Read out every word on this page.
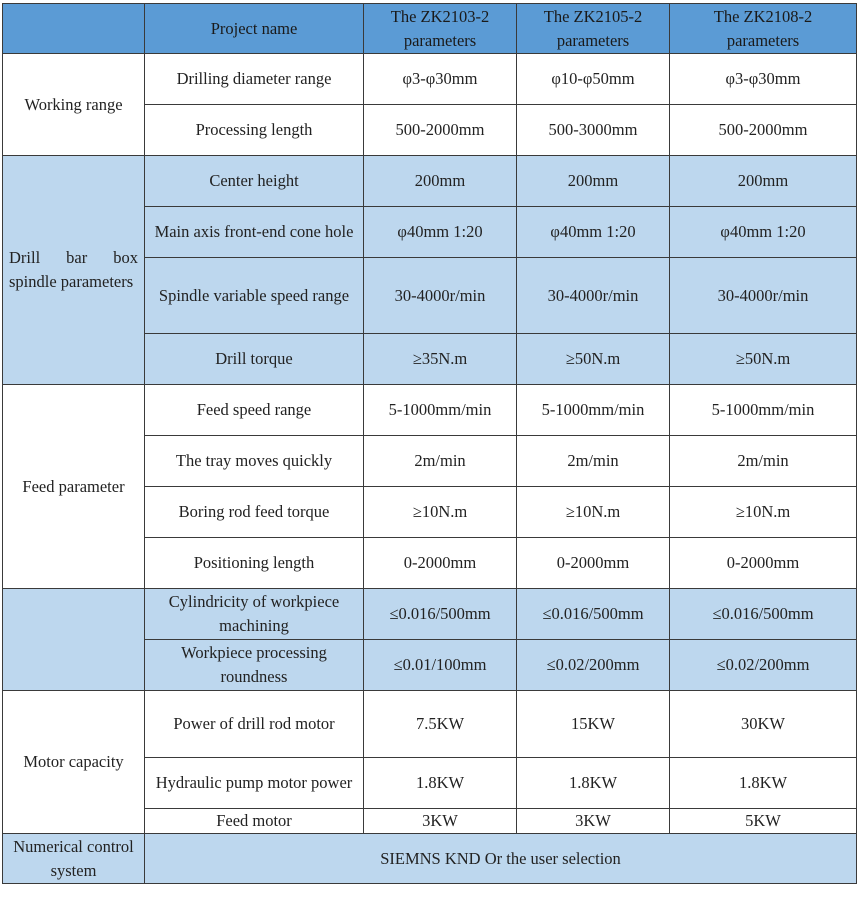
	Project name	The ZK2103-2 parameters	The ZK2105-2 parameters	The ZK2108-2 parameters
Working range	Drilling diameter range	φ3-φ30mm	φ10-φ50mm	φ3-φ30mm
	Processing length	500-2000mm	500-3000mm	500-2000mm
Drill bar box spindle parameters	Center height	200mm	200mm	200mm
	Main axis front-end cone hole	φ40mm 1:20	φ40mm 1:20	φ40mm 1:20
	Spindle variable speed range	30-4000r/min	30-4000r/min	30-4000r/min
	Drill torque	≥35N.m	≥50N.m	≥50N.m
Feed parameter	Feed speed range	5-1000mm/min	5-1000mm/min	5-1000mm/min
	The tray moves quickly	2m/min	2m/min	2m/min
	Boring rod feed torque	≥10N.m	≥10N.m	≥10N.m
	Positioning length	0-2000mm	0-2000mm	0-2000mm
	Cylindricity of workpiece machining	≤0.016/500mm	≤0.016/500mm	≤0.016/500mm
	Workpiece processing roundness	≤0.01/100mm	≤0.02/200mm	≤0.02/200mm
Motor capacity	Power of drill rod motor	7.5KW	15KW	30KW
	Hydraulic pump motor power	1.8KW	1.8KW	1.8KW
	Feed motor	3KW	3KW	5KW
Numerical control system	SIEMNS KND Or the user selection			
